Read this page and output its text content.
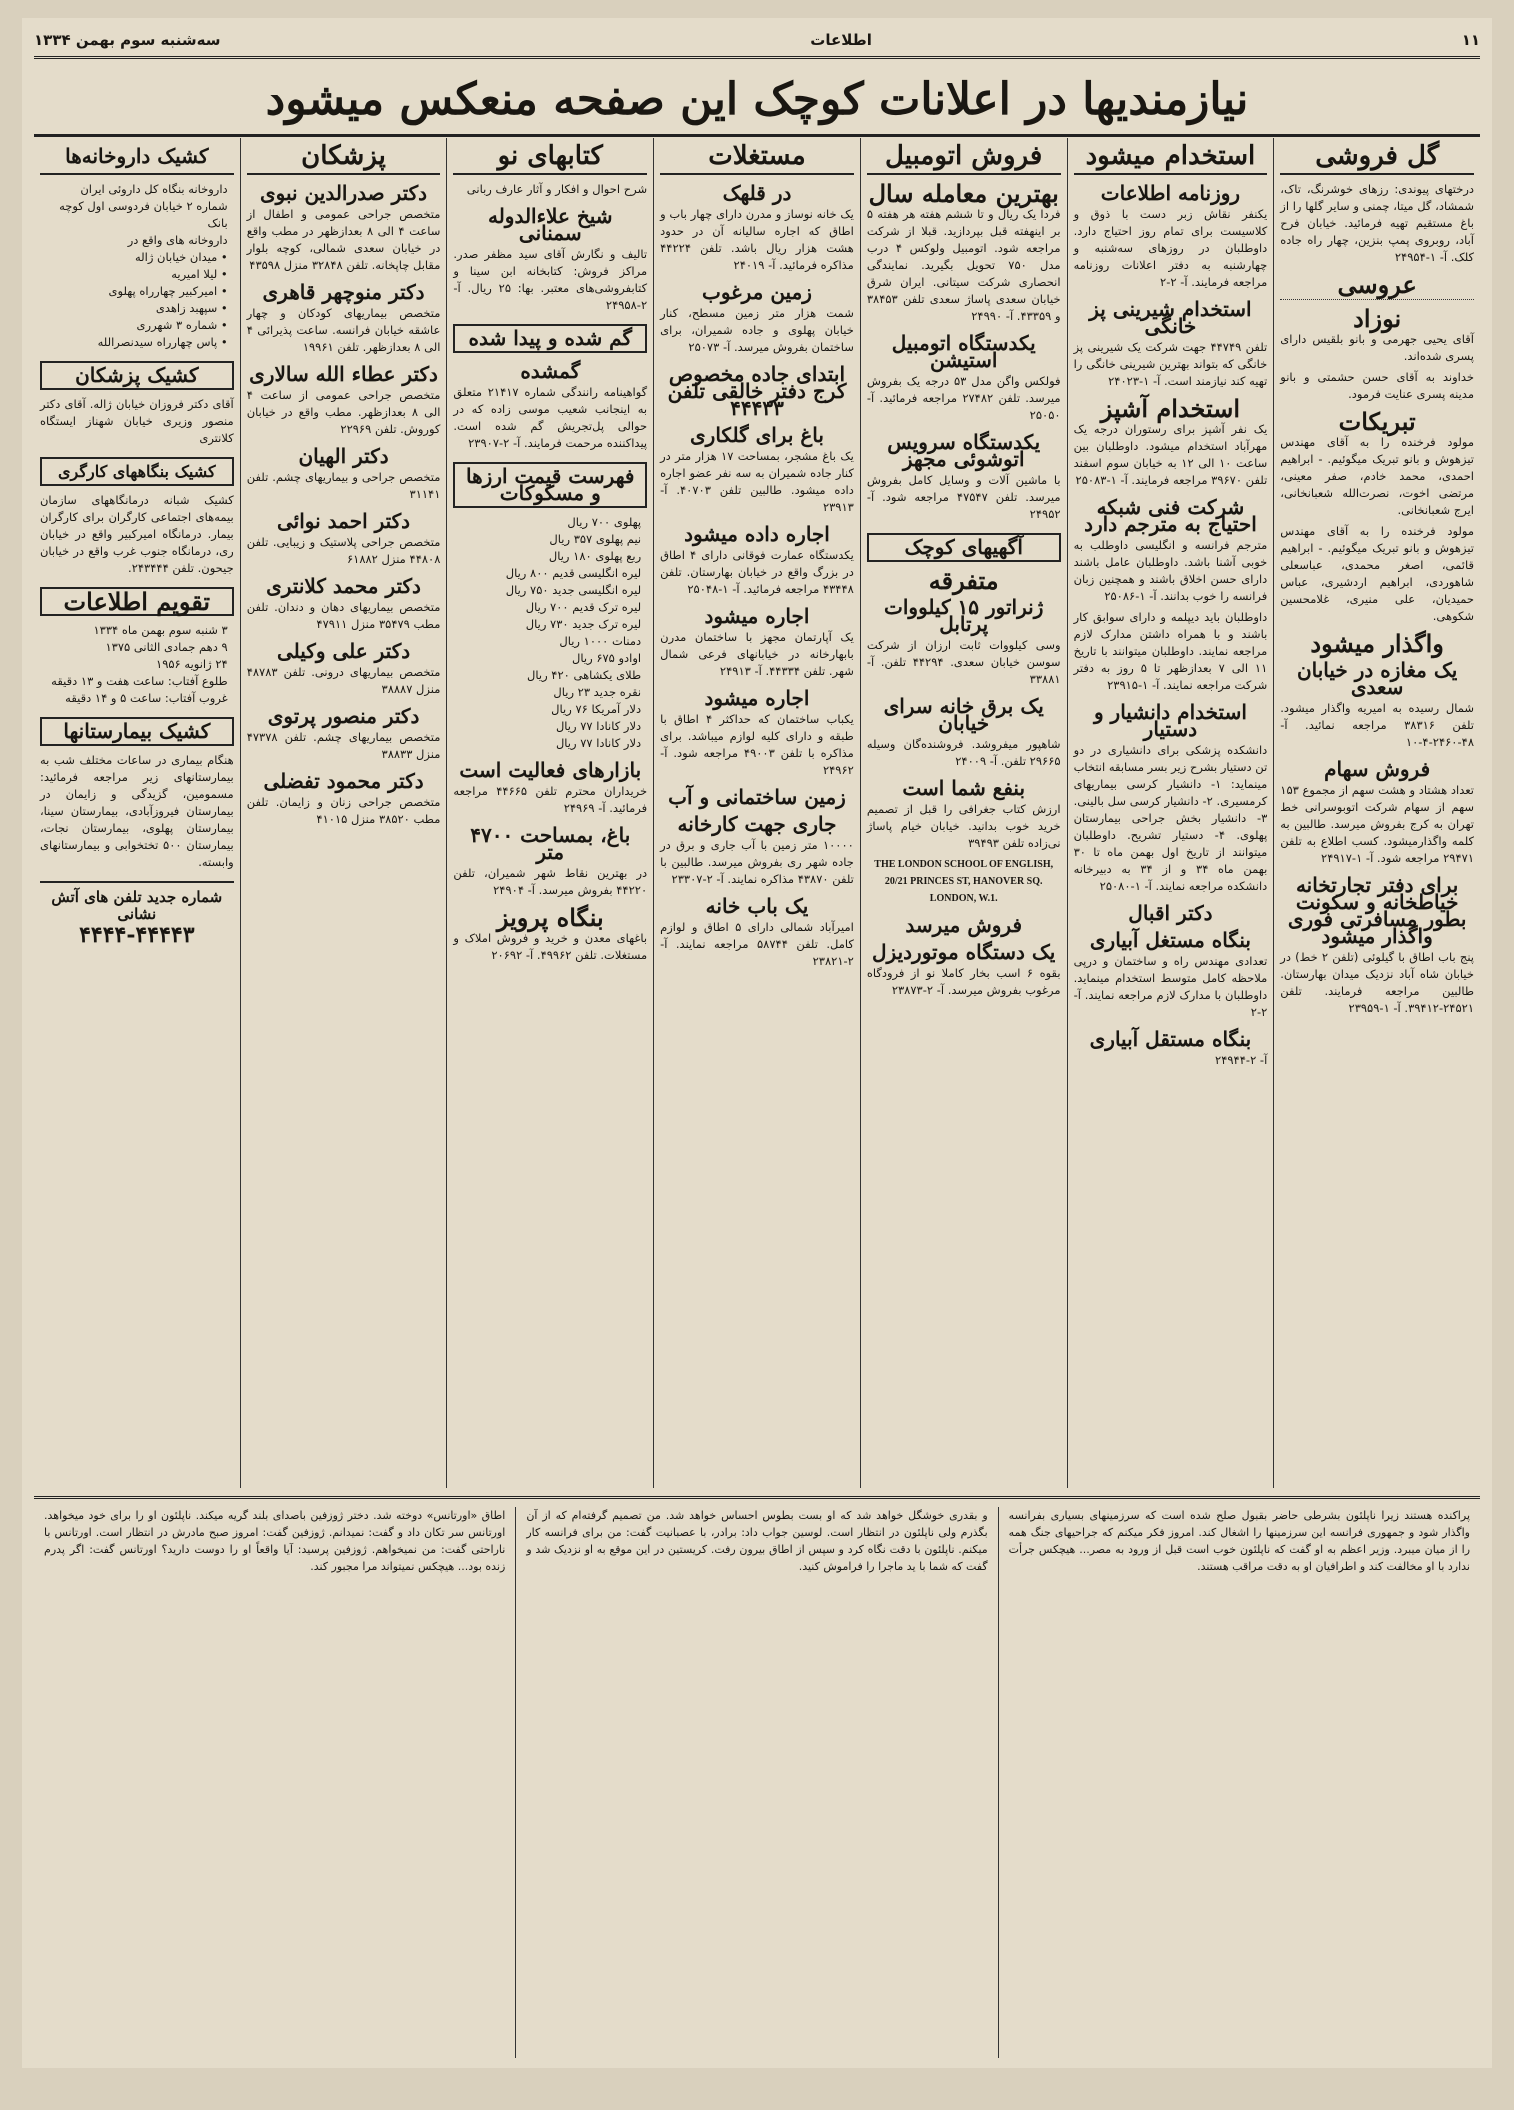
۱۱
اطلاعات
سه‌شنبه سوم بهمن ۱۳۳۴
نیازمندیها در اعلانات کوچک این صفحه منعکس میشود
گل فروشی

درختهای پیوندی: رزهای خوشرنگ، تاک، شمشاد، گل میتا، چمنی و سایر گلها را از باغ مستقیم تهیه فرمائید. خیابان فرح آباد، روبروی پمپ بنزین، چهار راه جاده کلک. آ- ۱-۲۴۹۵۴

عروسی
نوزاد

آقای یحیی جهرمی و بانو بلقیس دارای پسری شده‌اند.

خداوند به آقای حسن حشمتی و بانو مدینه پسری عنایت فرمود.

تبریکات

مولود فرخنده را به آقای مهندس تیزهوش و بانو تبریک میگوئیم. - ابراهیم احمدی، محمد خادم، صفر معینی، مرتضی اخوت، نصرت‌الله شعبانخانی، ایرج شعبانخانی.

مولود فرخنده را به آقای مهندس تیزهوش و بانو تبریک میگوئیم. - ابراهیم قائمی، اصغر محمدی، عباسعلی شاهوردی، ابراهیم اردشیری، عباس حمیدیان، علی منیری، غلامحسین شکوهی.

واگذار میشود
یک مغازه در خیابان سعدی

شمال رسیده به امیریه واگذار میشود. تلفن ۳۸۳۱۶ مراجعه نمائید. آ- ۴۸-۲۴۶۰-۴-۱۰

فروش سهام

تعداد هشتاد و هشت سهم از مجموع ۱۵۳ سهم از سهام شرکت اتوبوسرانی خط تهران به کرج بفروش میرسد. طالبین به کلمه واگذارمیشود. کسب اطلاع به تلفن ۲۹۴۷۱ مراجعه شود. آ- ۱-۲۴۹۱۷

برای دفتر تجارتخانه خیاطخانه و سکونت بطور مسافرتی فوری واگذار میشود

پنج باب اطاق با گیلوئی (تلفن ۲ خط) در خیابان شاه آباد نزدیک میدان بهارستان. طالبین مراجعه فرمایند. تلفن ۲۴۵۲۱-۳۹۴۱۲. آ- ۱-۲۳۹۵۹

استخدام میشود
روزنامه اطلاعات

یکنفر نقاش زبر دست با ذوق و کلاسیست برای تمام روز احتیاج دارد. داوطلبان در روزهای سه‌شنبه و چهارشنبه به دفتر اعلانات روزنامه مراجعه فرمایند. آ- ۲-۲

استخدام شیرینی پز خانگی

تلفن ۴۴۷۴۹ جهت شرکت یک شیرینی پز خانگی که بتواند بهترین شیرینی خانگی را تهیه کند نیازمند است. آ- ۱-۲۴۰۲۳

استخدام آشپز

یک نفر آشپز برای رستوران درجه یک مهرآباد استخدام میشود. داوطلبان بین ساعت ۱۰ الی ۱۲ به خیابان سوم اسفند تلفن ۳۹۶۷۰ مراجعه فرمایند. آ- ۱-۲۵۰۸۳

شرکت فنی شبکه احتیاج به مترجم دارد

مترجم فرانسه و انگلیسی داوطلب به خوبی آشنا باشد. داوطلبان عامل باشند دارای حسن اخلاق باشند و همچنین زبان فرانسه را خوب بدانند. آ- ۱-۲۵۰۸۶

داوطلبان باید دیپلمه و دارای سوابق کار باشند و با همراه داشتن مدارک لازم مراجعه نمایند. داوطلبان میتوانند با تاریخ ۱۱ الی ۷ بعدازظهر تا ۵ روز به دفتر شرکت مراجعه نمایند. آ- ۱-۲۳۹۱۵

استخدام دانشیار و دستیار

دانشکده پزشکی برای دانشیاری در دو تن دستیار بشرح زیر بسر مسابقه انتخاب مینماید: ۱- دانشیار کرسی بیماریهای کرمسیری. ۲- دانشیار کرسی سل بالینی. ۳- دانشیار بخش جراحی بیمارستان پهلوی. ۴- دستیار تشریح. داوطلبان میتوانند از تاریخ اول بهمن ماه تا ۳۰ بهمن ماه ۳۴ و از ۳۴ به دبیرخانه دانشکده مراجعه نمایند. آ- ۱-۲۵۰۸۰

دکتر اقبال
بنگاه مستغل آبیاری

تعدادی مهندس راه و ساختمان و درپی ملاحظه کامل متوسط استخدام مینماید. داوطلبان با مدارک لازم مراجعه نمایند. آ- ۲-۲

بنگاه مستقل آبیاری

آ- ۲-۲۴۹۴۴

فروش اتومبیل
بهترین معامله سال

فردا یک ریال و تا ششم هفته هر هفته ۵ بر اینهفته قبل بپردازید. قبلا از شرکت مراجعه شود. اتومبیل ولوکس ۴ درب مدل ۷۵۰ تحویل بگیرید. نمایندگی انحصاری شرکت سیتانی. ایران شرق خیابان سعدی پاساژ سعدی تلفن ۳۸۴۵۳ و ۴۳۳۵۹. آ- ۲۴۹۹۰

یکدستگاه اتومبیل استیشن

فولکس واگن مدل ۵۳ درجه یک بفروش میرسد. تلفن ۲۷۴۸۲ مراجعه فرمائید. آ- ۲۵۰۵۰

یکدستگاه سرویس اتوشوئی مجهز

با ماشین آلات و وسایل کامل بفروش میرسد. تلفن ۴۷۵۴۷ مراجعه شود. آ- ۲۴۹۵۲

آگهیهای کوچک
متفرقه
ژنراتور ۱۵ کیلووات پرتابل

وسی کیلووات ثابت ارزان از شرکت سوسن خیابان سعدی. ۴۴۲۹۴ تلفن. آ- ۳۳۸۸۱

یک برق خانه سرای خیابان

شاهپور میفروشد. فروشنده‌گان وسیله ۲۹۶۶۵ تلفن. آ- ۲۴۰۰۹

بنفع شما است

ارزش کتاب جغرافی را قبل از تصمیم خرید خوب بدانید. خیابان خیام پاساژ نی‌زاده تلفن ۳۹۴۹۳

THE LONDON SCHOOL OF ENGLISH, 20/21 PRINCES ST, HANOVER SQ. LONDON, W.1.
فروش میرسد
یک دستگاه موتوردیزل

بقوه ۶ اسب بخار کاملا نو از فرودگاه مرغوب بفروش میرسد. آ- ۲-۲۳۸۷۳

مستغلات
در قلهک

یک خانه نوساز و مدرن دارای چهار باب و اطاق که اجاره سالیانه آن در حدود هشت هزار ریال باشد. تلفن ۴۴۲۲۴ مذاکره فرمائید. آ- ۲۴۰۱۹

زمین مرغوب

شمت هزار متر زمین مسطح، کنار خیابان پهلوی و جاده شمیران، برای ساختمان بفروش میرسد. آ- ۲۵۰۷۳

ابتدای جاده مخصوص کرج دفتر خالقی تلفن ۴۴۴۳۳
باغ برای گلکاری

یک باغ مشجر، بمساحت ۱۷ هزار متر در کنار جاده شمیران به سه نفر عضو اجاره داده میشود. طالبین تلفن ۴۰۷۰۳. آ- ۲۳۹۱۳

اجاره داده میشود

یکدستگاه عمارت فوقانی دارای ۴ اطاق در بزرگ واقع در خیابان بهارستان. تلفن ۴۳۴۴۸ مراجعه فرمائید. آ- ۱-۲۵۰۴۸

اجاره میشود

یک آپارتمان مجهز با ساختمان مدرن بابهارخانه در خیابانهای فرعی شمال شهر. تلفن ۴۴۳۳۴. آ- ۲۴۹۱۳

اجاره میشود

یکباب ساختمان که حداکثر ۴ اطاق با طبقه و دارای کلیه لوازم میباشد. برای مذاکره با تلفن ۴۹۰۰۳ مراجعه شود. آ- ۲۴۹۶۲

زمین ساختمانی و آب
جاری جهت کارخانه

۱۰۰۰۰ متر زمین با آب جاری و برق در جاده شهر ری بفروش میرسد. طالبین با تلفن ۴۳۸۷۰ مذاکره نمایند. آ- ۲-۲۳۳۰۷

یک باب خانه

امیرآباد شمالی دارای ۵ اطاق و لوازم کامل. تلفن ۵۸۷۴۴ مراجعه نمایند. آ- ۲-۲۳۸۲۱

کتابهای نو

شرح احوال و افکار و آثار عارف ربانی

شیخ علاءالدوله سمنانی

تالیف و نگارش آقای سید مظفر صدر. مراکز فروش: کتابخانه ابن سینا و کتابفروشی‌های معتبر. بها: ۲۵ ریال. آ- ۲-۲۴۹۵۸

گم شده و پیدا شده
گمشده

گواهینامه رانندگی شماره ۲۱۴۱۷ متعلق به اینجانب شعیب موسی زاده که در حوالی پل‌تجریش گم شده است. پیداکننده مرحمت فرمایند. آ- ۲-۲۳۹۰۷

فهرست قیمت ارزها و مسکوکات
پهلوی ۷۰۰ ریال
نیم پهلوی ۳۵۷ ریال
ربع پهلوی ۱۸۰ ریال
لیره انگلیسی قدیم ۸۰۰ ریال
لیره انگلیسی جدید ۷۵۰ ریال
لیره ترک قدیم ۷۰۰ ریال
لیره ترک جدید ۷۳۰ ریال
دمنات ۱۰۰۰ ریال
اوادو ۶۷۵ ریال
طلای یکشاهی ۴۲۰ ریال
نقره جدید ۲۳ ریال
دلار آمریکا ۷۶ ریال
دلار کانادا ۷۷ ریال
دلار کانادا ۷۷ ریال
بازارهای فعالیت است

خریداران محترم تلفن ۴۴۶۶۵ مراجعه فرمائید. آ- ۲۴۹۶۹

باغ، بمساحت ۴۷۰۰ متر

در بهترین نقاط شهر شمیران، تلفن ۴۴۲۲۰ بفروش میرسد. آ- ۲۴۹۰۴

بنگاه پرویز

باغهای معدن و خرید و فروش املاک و مستغلات. تلفن ۴۹۹۶۲. آ- ۲۰۶۹۲

پزشکان
دکتر صدرالدین نبوی

متخصص جراحی عمومی و اطفال از ساعت ۴ الی ۸ بعدازظهر در مطب واقع در خیابان سعدی شمالی، کوچه بلوار مقابل چاپخانه. تلفن ۳۲۸۴۸ منزل ۴۳۵۹۸

دکتر منوچهر قاهری

متخصص بیماریهای کودکان و چهار عاشقه خیابان فرانسه. ساعت پذیرائی ۴ الی ۸ بعدازظهر. تلفن ۱۹۹۶۱

دکتر عطاء الله سالاری

متخصص جراحی عمومی از ساعت ۴ الی ۸ بعدازظهر. مطب واقع در خیابان کوروش. تلفن ۲۲۹۶۹

دکتر الهیان

متخصص جراحی و بیماریهای چشم. تلفن ۳۱۱۴۱

دکتر احمد نوائی

متخصص جراحی پلاستیک و زیبایی. تلفن ۴۴۸۰۸ منزل ۶۱۸۸۲

دکتر محمد کلانتری

متخصص بیماریهای دهان و دندان. تلفن مطب ۳۵۴۷۹ منزل ۴۷۹۱۱

دکتر علی وکیلی

متخصص بیماریهای درونی. تلفن ۴۸۷۸۳ منزل ۳۸۸۸۷

دکتر منصور پرتوی

متخصص بیماریهای چشم. تلفن ۴۷۳۷۸ منزل ۳۸۸۳۳

دکتر محمود تفضلی

متخصص جراحی زنان و زایمان. تلفن مطب ۳۸۵۲۰ منزل ۴۱۰۱۵

کشیک داروخانه‌ها
داروخانه بنگاه کل داروئی ایران
شماره ۲ خیابان فردوسی اول کوچه بانک
داروخانه های واقع در
• میدان خیابان ژاله
• لیلا امیریه
• امیرکبیر چهارراه پهلوی
• سپهبد زاهدی
• شماره ۳ شهرری
• پاس چهارراه سید‌نصرالله
کشیک پزشکان

آقای دکتر فروزان خیابان ژاله. آقای دکتر منصور وزیری خیابان شهناز ایستگاه کلانتری

کشیک بنگاههای کارگری

کشیک شبانه درمانگاههای سازمان بیمه‌های اجتماعی کارگران برای کارگران بیمار. درمانگاه امیرکبیر واقع در خیابان ری، درمانگاه جنوب غرب واقع در خیابان جیحون. تلفن ۲۴۳۴۴۴.

تقویم اطلاعات
۳ شنبه سوم بهمن ماه ۱۳۳۴
۹ دهم جمادی الثانی ۱۳۷۵
۲۴ ژانویه ۱۹۵۶
طلوع آفتاب: ساعت هفت و ۱۳ دقیقه
غروب آفتاب: ساعت ۵ و ۱۴ دقیقه
کشیک بیمارستانها

هنگام بیماری در ساعات مختلف شب به بیمارستانهای زیر مراجعه فرمائید: مسمومین، گزیدگی و زایمان در بیمارستان فیروزآبادی، بیمارستان سینا، بیمارستان پهلوی، بیمارستان نجات، بیمارستان ۵۰۰ تختخوابی و بیمارستانهای وابسته.

شماره جدید تلفن های آتش نشانی
۴۴۴۴-۴۴۴۴۳
پراکنده هستند زیرا ناپلئون بشرطی حاضر بقبول صلح شده است که سرزمینهای بسیاری بفرانسه واگذار شود و جمهوری فرانسه این سرزمینها را اشغال کند. امروز فکر میکنم که جراحیهای جنگ همه را از میان میبرد. وزیر اعظم به او گفت که ناپلئون خوب است قبل از ورود به مصر... هیچکس جرأت ندارد با او مخالفت کند و اطرافیان او به دقت مراقب هستند.
و بقدری خوشگل خواهد شد که او بست بطوس احساس خواهد شد. من تصمیم گرفته‌ام که از آن بگذرم ولی ناپلئون در انتظار است. لوسین جواب داد: برادر، با عصبانیت گفت: من برای فرانسه کار میکنم. ناپلئون با دقت نگاه کرد و سپس از اطاق بیرون رفت. کریستین در این موقع به او نزدیک شد و گفت که شما با ید ماجرا را فراموش کنید.
اطاق «اورتانس» دوخته شد. دختر ژوزفین باصدای بلند گریه میکند. ناپلئون او را برای خود میخواهد. اورتانس سر تکان داد و گفت: نمیدانم. ژوزفین گفت: امروز صبح مادرش در انتظار است. اورتانس با ناراحتی گفت: من نمیخواهم. ژوزفین پرسید: آیا واقعاً او را دوست دارید؟ اورتانس گفت: اگر پدرم زنده بود... هیچکس نمیتواند مرا مجبور کند.
